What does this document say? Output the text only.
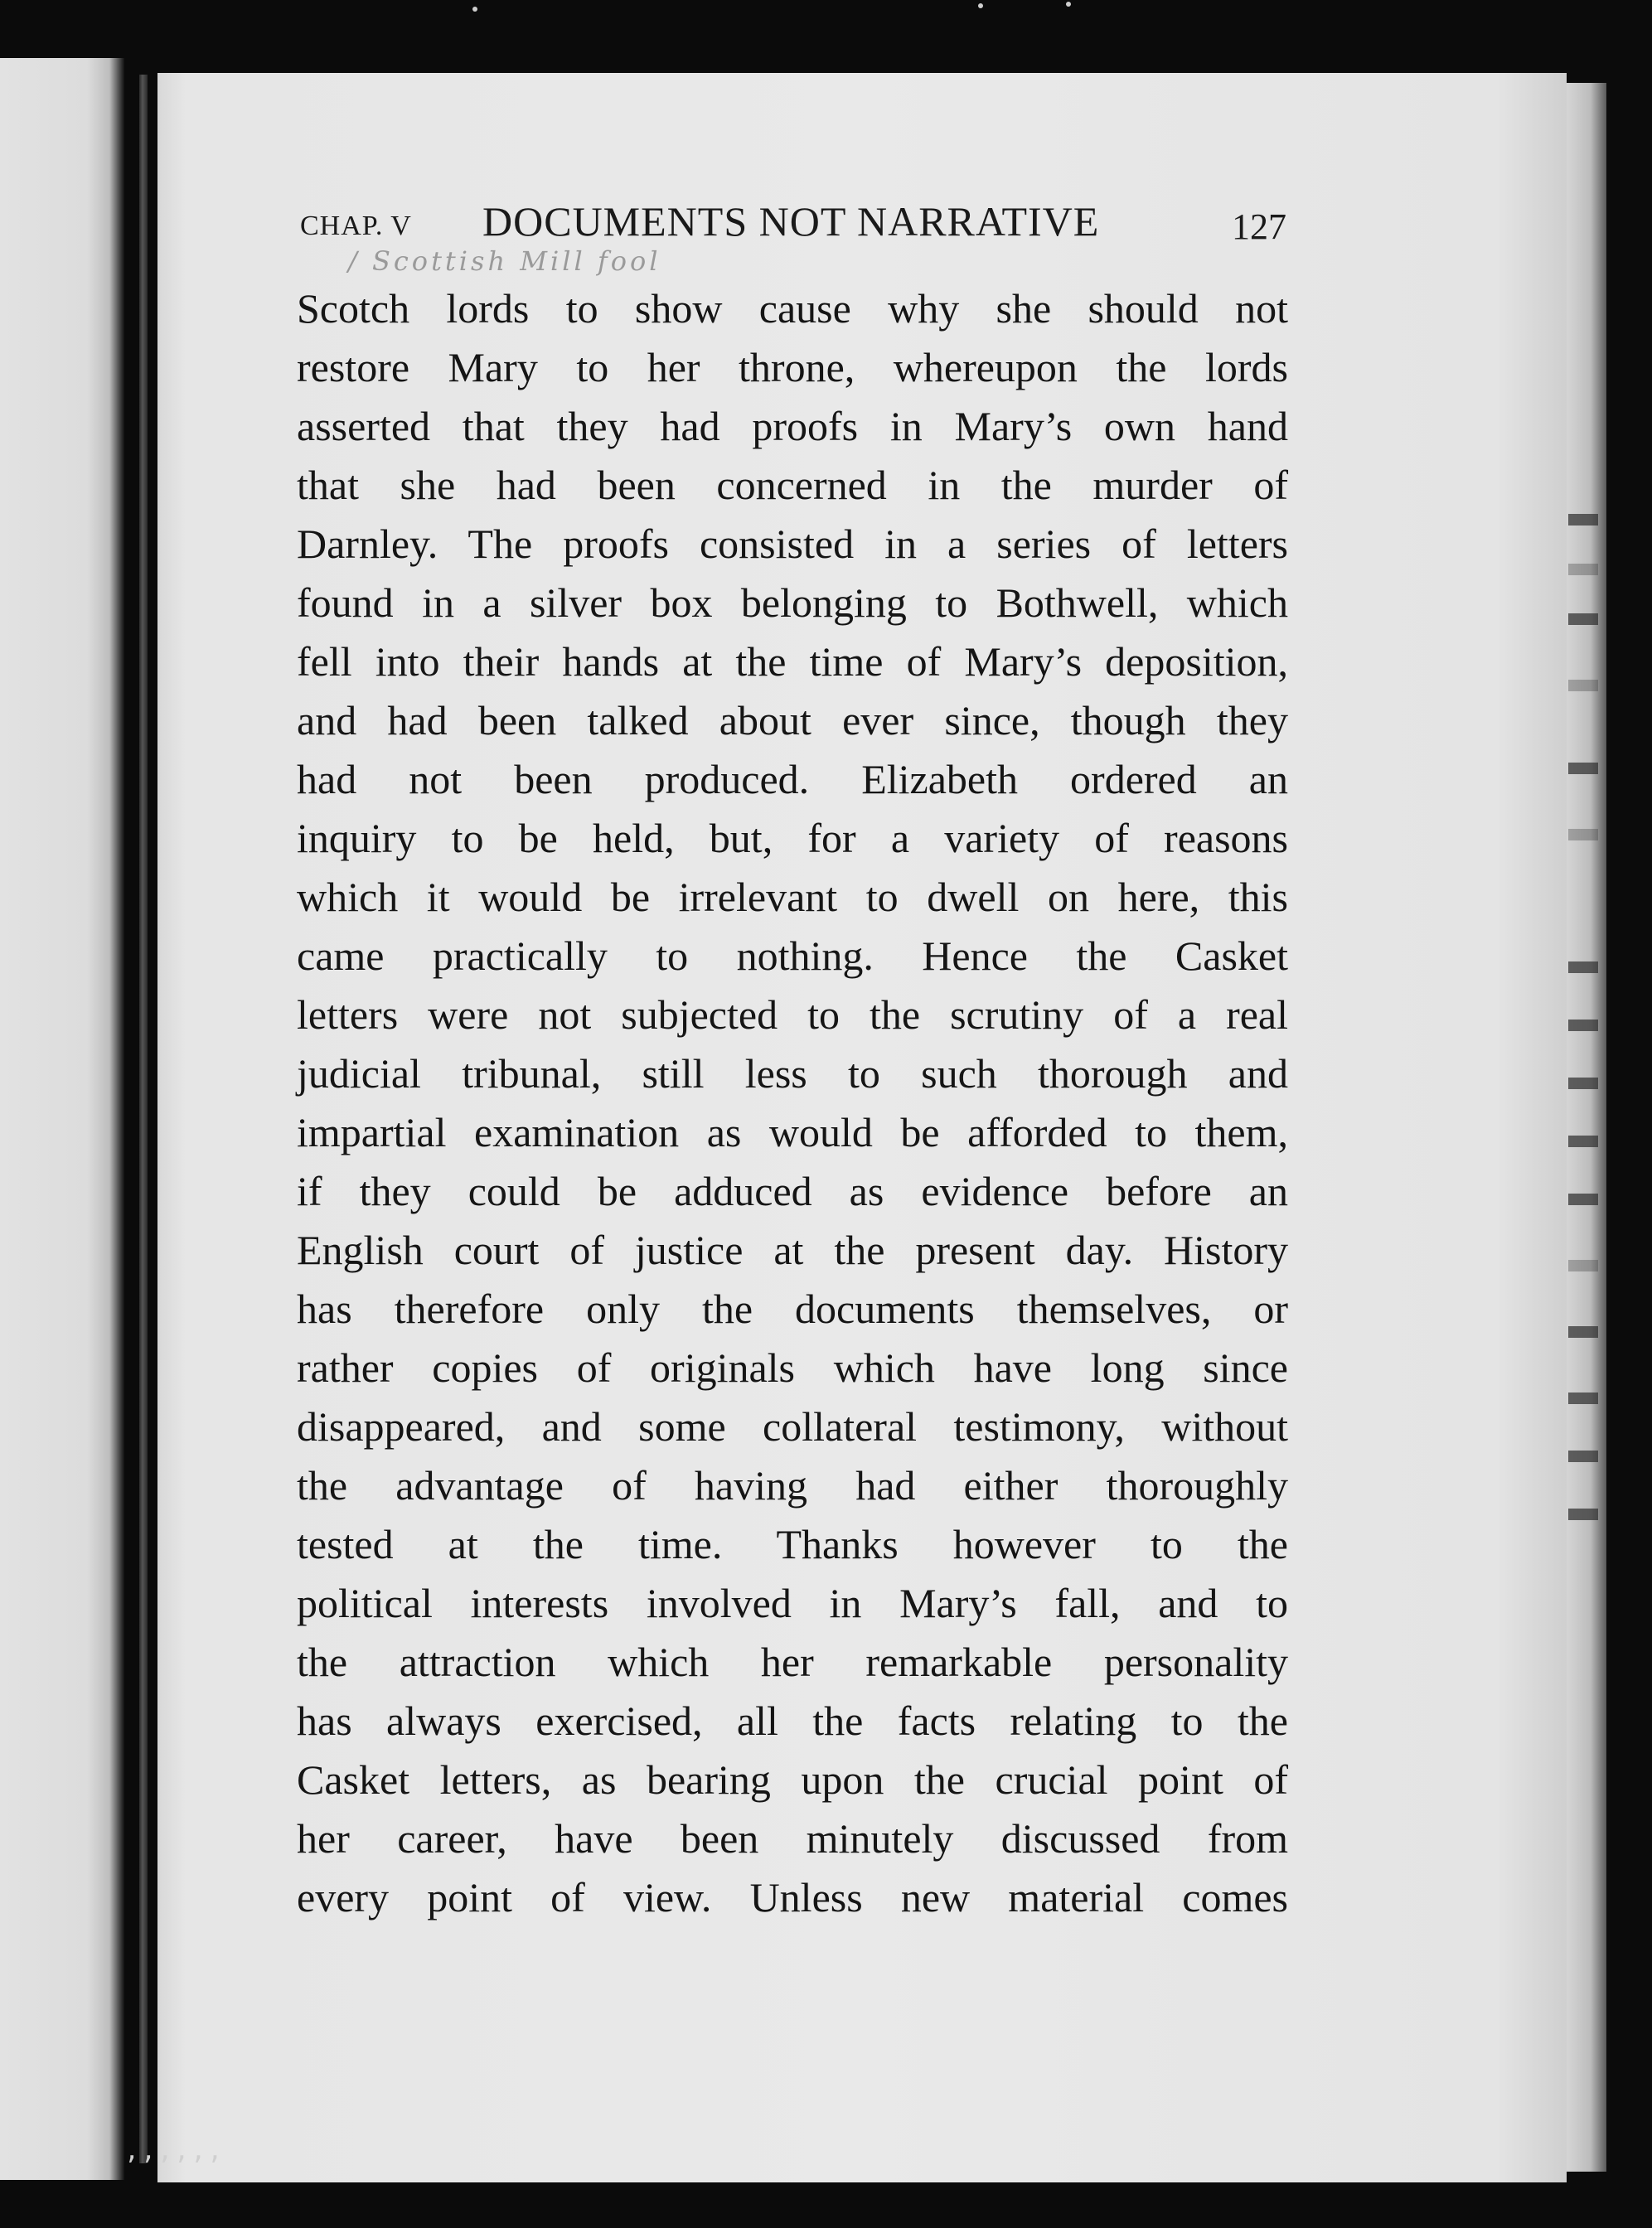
CHAP. V DOCUMENTS NOT NARRATIVE	127
/ Scottish Mill fool
Scotch lords to show cause why she should not
restore Mary to her throne, whereupon the lords
asserted that they had proofs in Mary’s own hand
that she had been concerned in the murder of
Darnley. The proofs consisted in a series of letters
found in a silver box belonging to Bothwell, which
fell into their hands at the time of Mary’s deposition,
and had been talked about ever since, though they
had not been produced. Elizabeth ordered an
inquiry to be held, but, for a variety of reasons
which it would be irrelevant to dwell on here, this
came practically to nothing. Hence the Casket
letters were not subjected to the scrutiny of a real
judicial tribunal, still less to such thorough and
impartial examination as would be afforded to them,
if they could be adduced as evidence before an
English court of justice at the present day. History
has therefore only the documents themselves, or
rather copies of originals which have long since
disappeared, and some collateral testimony, without
the advantage of having had either thoroughly
tested at the time. Thanks however to the
political interests involved in Mary’s fall, and to
the attraction which her remarkable personality
has always exercised, all the facts relating to the
Casket letters, as bearing upon the crucial point of
her career, have been minutely discussed from
every point of view. Unless new material comes
,,,,,,
